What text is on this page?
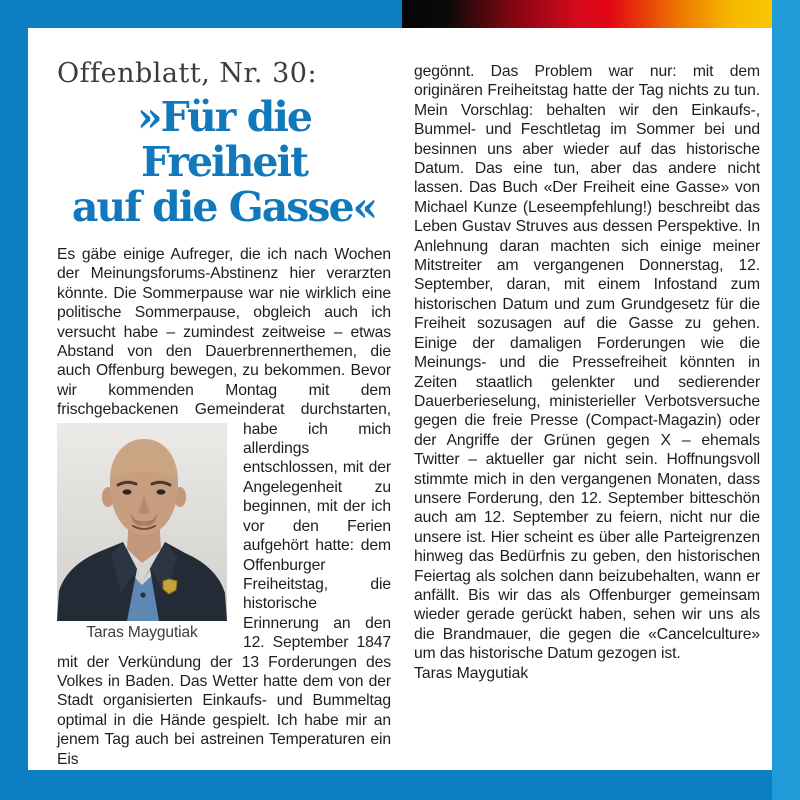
Offenblatt, Nr. 30:
»Für die Freiheit
auf die Gasse«

Es gäbe einige Aufreger, die ich nach Wochen der Meinungsforums-Abstinenz hier verarzten könnte. Die Sommerpause war nie wirklich eine politische Sommerpause, obgleich auch ich versucht habe – zumindest zeitweise – etwas Abstand von den Dauerbrennerthemen, die auch Offenburg bewegen, zu bekommen. Bevor wir kommenden Montag mit dem frischgebackenen Gemeinderat durchstarten, habe
Taras Maygutiak
ich mich allerdings entschlossen, mit der Angelegenheit zu beginnen, mit der ich vor den Ferien aufgehört hatte: dem Offenburger Freiheitstag, die historische Erinnerung an den 12. September 1847 mit der Verkündung der 13 Forderungen des Volkes in Baden. Das Wetter hatte dem von der Stadt organisierten Einkaufs- und Bummeltag optimal in die Hände gespielt. Ich habe mir an jenem Tag auch bei astreinen Temperaturen ein Eis

gegönnt. Das Problem war nur: mit dem originären Freiheitstag hatte der Tag nichts zu tun. Mein Vorschlag: behalten wir den Einkaufs-, Bummel- und Feschtletag im Sommer bei und besinnen uns aber wieder auf das historische Datum. Das eine tun, aber das andere nicht lassen. Das Buch «Der Freiheit eine Gasse» von Michael Kunze (Leseempfehlung!) beschreibt das Leben Gustav Struves aus dessen Perspektive. In Anlehnung daran machten sich einige meiner Mitstreiter am vergangenen Donnerstag, 12. September, daran, mit einem Infostand zum historischen Datum und zum Grundgesetz für die Freiheit sozusagen auf die Gasse zu gehen. Einige der damaligen Forderungen wie die Meinungs- und die Pressefreiheit könnten in Zeiten staatlich gelenkter und sedierender Dauerberieselung, ministerieller Verbotsversuche gegen die freie Presse (Compact-Magazin) oder der Angriffe der Grünen gegen X – ehemals Twitter – aktueller gar nicht sein. Hoffnungsvoll stimmte mich in den vergangenen Monaten, dass unsere Forderung, den 12. September bitteschön auch am 12. September zu feiern, nicht nur die unsere ist. Hier scheint es über alle Parteigrenzen hinweg das Bedürfnis zu geben, den historischen Feiertag als solchen dann beizubehalten, wann er anfällt. Bis wir das als Offenburger gemeinsam wieder gerade gerückt haben, sehen wir uns als die Brandmauer, die gegen die «Cancelculture» um das historische Datum gezogen ist.

Taras Maygutiak
